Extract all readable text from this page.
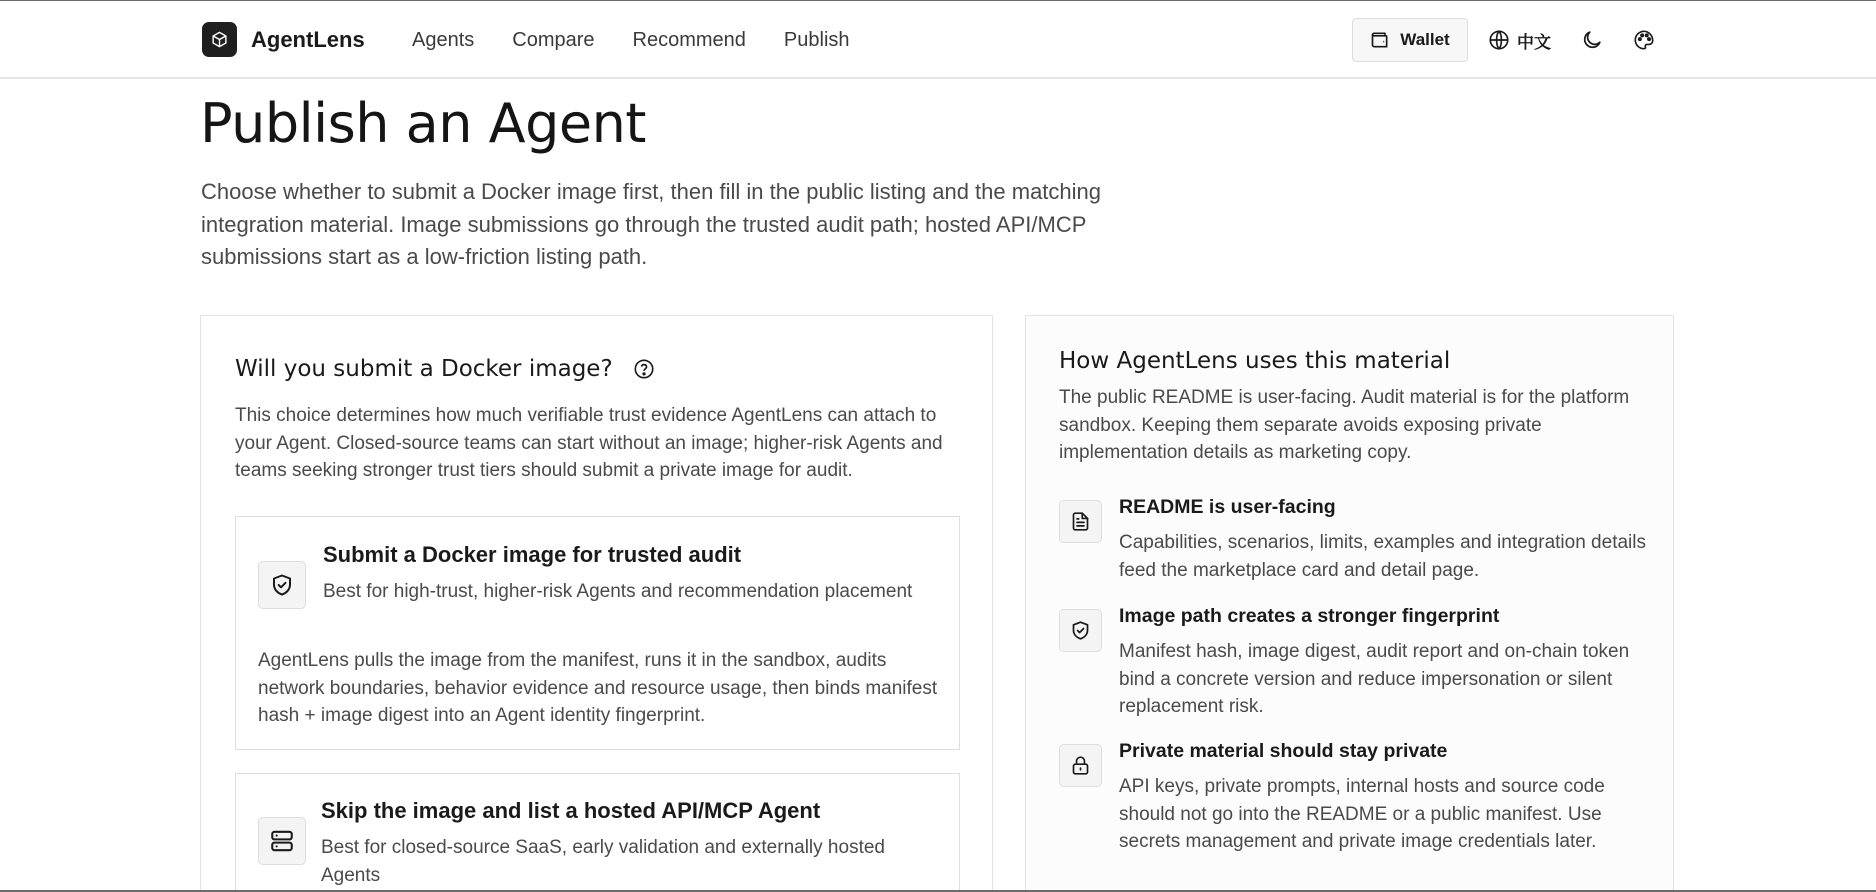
AgentLens Agents Compare Recommend Publish	Wallet	中文
Publish an Agent

Choose whether to submit a Docker image first, then fill in the public listing and the matching integration material. Image submissions go through the trusted audit path; hosted API/MCP submissions start as a low-friction listing path.

Will you submit a Docker image?

This choice determines how much verifiable trust evidence AgentLens can attach to your Agent. Closed-source teams can start without an image; higher-risk Agents and teams seeking stronger trust tiers should submit a private image for audit.

Submit a Docker image for trusted audit
Best for high-trust, higher-risk Agents and recommendation placement
AgentLens pulls the image from the manifest, runs it in the sandbox, audits network boundaries, behavior evidence and resource usage, then binds manifest hash + image digest into an Agent identity fingerprint.
Skip the image and list a hosted API/MCP Agent
Best for closed-source SaaS, early validation and externally hosted Agents
How AgentLens uses this material

The public README is user-facing. Audit material is for the platform sandbox. Keeping them separate avoids exposing private implementation details as marketing copy.

README is user-facing
Capabilities, scenarios, limits, examples and integration details feed the marketplace card and detail page.
Image path creates a stronger fingerprint
Manifest hash, image digest, audit report and on-chain token bind a concrete version and reduce impersonation or silent replacement risk.
Private material should stay private
API keys, private prompts, internal hosts and source code should not go into the README or a public manifest. Use secrets management and private image credentials later.
